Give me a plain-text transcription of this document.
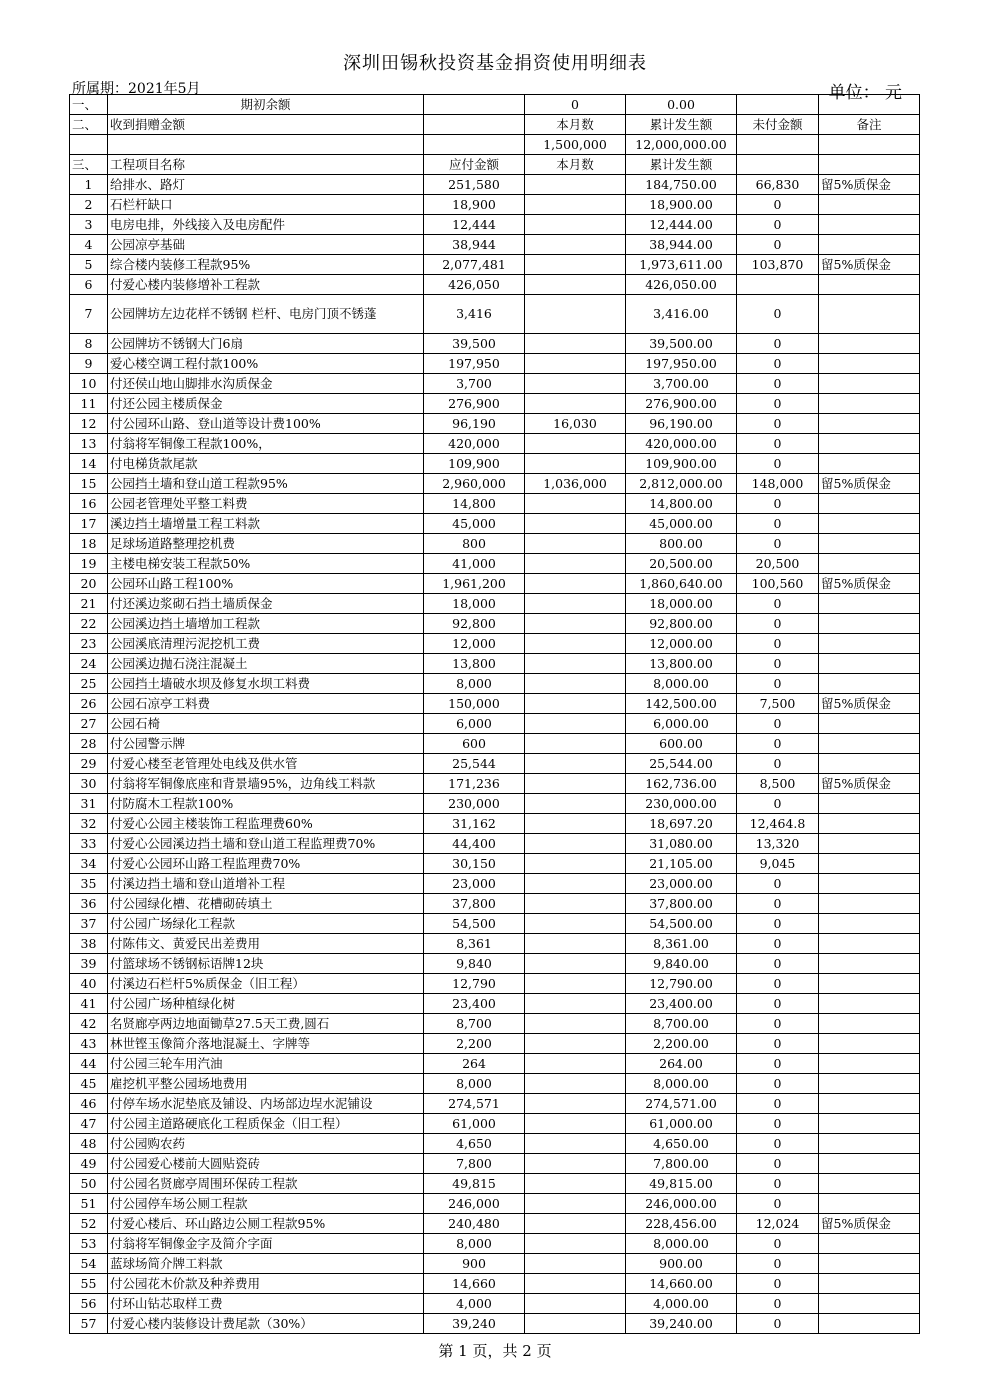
深圳田锡秋投资基金捐资使用明细表
所属期：2021年5月	单位： 元
一、	期初余额		0	0.00		
二、	收到捐赠金额		本月数	累计发生额	未付金额	备注
			1,500,000	12,000,000.00		
三、	工程项目名称	应付金额	本月数	累计发生额		
1	给排水、路灯	251,580		184,750.00	66,830	留5%质保金
2	石栏杆缺口	18,900		18,900.00	0	
3	电房电排，外线接入及电房配件	12,444		12,444.00	0	
4	公园凉亭基础	38,944		38,944.00	0	
5	综合楼内装修工程款95%	2,077,481		1,973,611.00	103,870	留5%质保金
6	付爱心楼内装修增补工程款	426,050		426,050.00		
7	公园牌坊左边花样不锈钢 栏杆、电房门顶不锈蓬	3,416		3,416.00	0	
8	公园牌坊不锈钢大门6扇	39,500		39,500.00	0	
9	爱心楼空调工程付款100%	197,950		197,950.00	0	
10	付还侯山地山脚排水沟质保金	3,700		3,700.00	0	
11	付还公园主楼质保金	276,900		276,900.00	0	
12	付公园环山路、登山道等设计费100%	96,190	16,030	96,190.00	0	
13	付翁将军铜像工程款100%，	420,000		420,000.00	0	
14	付电梯货款尾款	109,900		109,900.00	0	
15	公园挡土墙和登山道工程款95%	2,960,000	1,036,000	2,812,000.00	148,000	留5%质保金
16	公园老管理处平整工料费	14,800		14,800.00	0	
17	溪边挡土墙增量工程工料款	45,000		45,000.00	0	
18	足球场道路整理挖机费	800		800.00	0	
19	主楼电梯安装工程款50%	41,000		20,500.00	20,500	
20	公园环山路工程100%	1,961,200		1,860,640.00	100,560	留5%质保金
21	付还溪边浆砌石挡土墙质保金	18,000		18,000.00	0	
22	公园溪边挡土墙增加工程款	92,800		92,800.00	0	
23	公园溪底清理污泥挖机工费	12,000		12,000.00	0	
24	公园溪边抛石浇注混凝土	13,800		13,800.00	0	
25	公园挡土墙破水坝及修复水坝工料费	8,000		8,000.00	0	
26	公园石凉亭工料费	150,000		142,500.00	7,500	留5%质保金
27	公园石椅	6,000		6,000.00	0	
28	付公园警示牌	600		600.00	0	
29	付爱心楼至老管理处电线及供水管	25,544		25,544.00	0	
30	付翁将军铜像底座和背景墙95%，边角线工料款	171,236		162,736.00	8,500	留5%质保金
31	付防腐木工程款100%	230,000		230,000.00	0	
32	付爱心公园主楼装饰工程监理费60%	31,162		18,697.20	12,464.8	
33	付爱心公园溪边挡土墙和登山道工程监理费70%	44,400		31,080.00	13,320	
34	付爱心公园环山路工程监理费70%	30,150		21,105.00	9,045	
35	付溪边挡土墙和登山道增补工程	23,000		23,000.00	0	
36	付公园绿化槽、花槽砌砖填土	37,800		37,800.00	0	
37	付公园广场绿化工程款	54,500		54,500.00	0	
38	付陈伟文、黄爱民出差费用	8,361		8,361.00	0	
39	付篮球场不锈钢标语牌12块	9,840		9,840.00	0	
40	付溪边石栏杆5%质保金（旧工程）	12,790		12,790.00	0	
41	付公园广场种植绿化树	23,400		23,400.00	0	
42	名贤廊亭两边地面锄草27.5天工费,圆石	8,700		8,700.00	0	
43	林世铿玉像简介落地混凝土、字牌等	2,200		2,200.00	0	
44	付公园三轮车用汽油	264		264.00	0	
45	雇挖机平整公园场地费用	8,000		8,000.00	0	
46	付停车场水泥垫底及铺设、内场部边埕水泥铺设	274,571		274,571.00	0	
47	付公园主道路硬底化工程质保金（旧工程）	61,000		61,000.00	0	
48	付公园购农药	4,650		4,650.00	0	
49	付公园爱心楼前大圆贴瓷砖	7,800		7,800.00	0	
50	付公园名贤廊亭周围环保砖工程款	49,815		49,815.00	0	
51	付公园停车场公厕工程款	246,000		246,000.00	0	
52	付爱心楼后、环山路边公厕工程款95%	240,480		228,456.00	12,024	留5%质保金
53	付翁将军铜像金字及简介字面	8,000		8,000.00	0	
54	蓝球场简介牌工料款	900		900.00	0	
55	付公园花木价款及种养费用	14,660		14,660.00	0	
56	付环山钻芯取样工费	4,000		4,000.00	0	
57	付爱心楼内装修设计费尾款（30%）	39,240		39,240.00	0	
第 1 页，共 2 页
